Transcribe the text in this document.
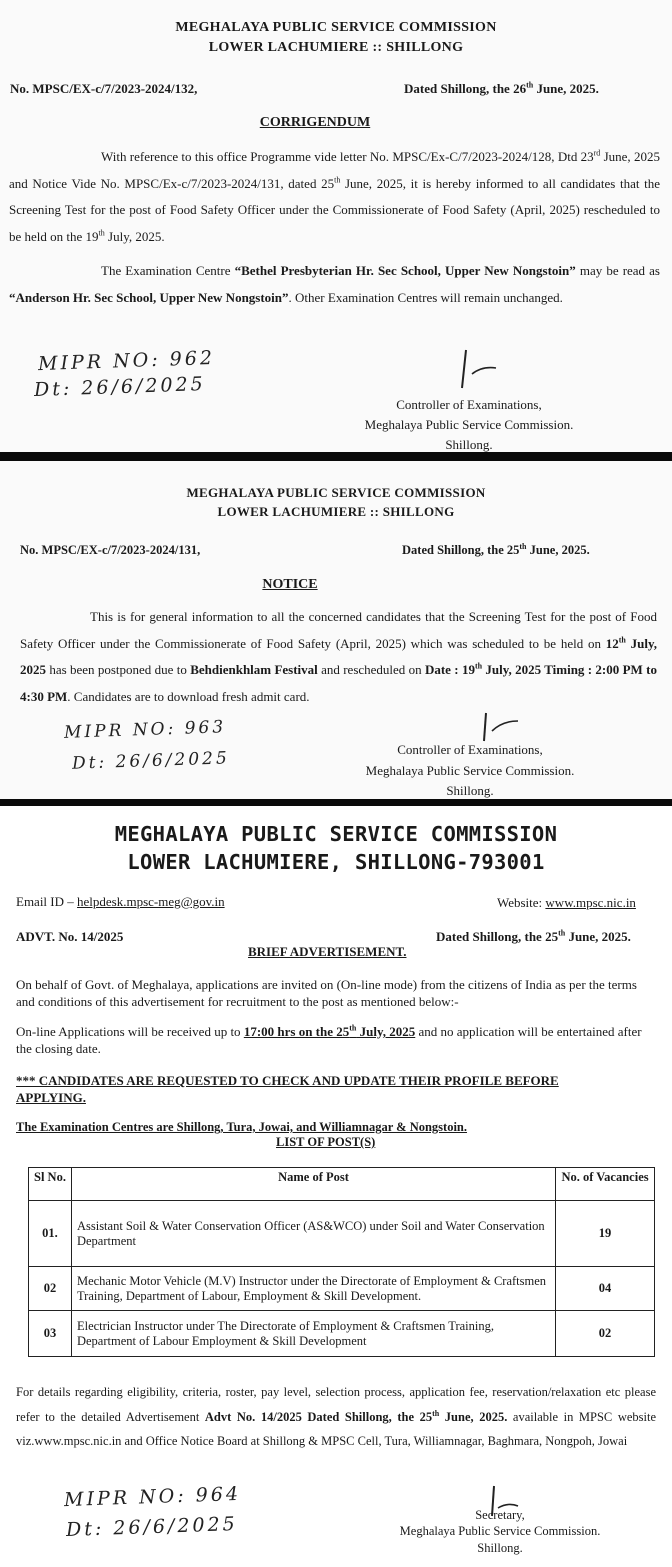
MEGHALAYA PUBLIC SERVICE COMMISSION
LOWER LACHUMIERE :: SHILLONG
No. MPSC/EX-c/7/2023-2024/132,	Dated Shillong, the 26th June, 2025.
CORRIGENDUM
With reference to this office Programme vide letter No. MPSC/Ex-C/7/2023-2024/128, Dtd 23rd June, 2025 and Notice Vide No. MPSC/Ex-c/7/2023-2024/131, dated 25th June, 2025, it is hereby informed to all candidates that the Screening Test for the post of Food Safety Officer under the Commissionerate of Food Safety (April, 2025) rescheduled to be held on the 19th July, 2025.
The Examination Centre “Bethel Presbyterian Hr. Sec School, Upper New Nongstoin” may be read as “Anderson Hr. Sec School, Upper New Nongstoin”. Other Examination Centres will remain unchanged.
MIPR NO: 962
Dt: 26/6/2025
Controller of Examinations,
Meghalaya Public Service Commission.
Shillong.
MEGHALAYA PUBLIC SERVICE COMMISSION
LOWER LACHUMIERE :: SHILLONG
No. MPSC/EX-c/7/2023-2024/131,	Dated Shillong, the 25th June, 2025.
NOTICE
This is for general information to all the concerned candidates that the Screening Test for the post of Food Safety Officer under the Commissionerate of Food Safety (April, 2025) which was scheduled to be held on 12th July, 2025 has been postponed due to Behdienkhlam Festival and rescheduled on Date : 19th July, 2025 Timing : 2:00 PM to 4:30 PM. Candidates are to download fresh admit card.
MIPR NO: 963
Dt: 26/6/2025	Controller of Examinations,
Meghalaya Public Service Commission.
Shillong.
MEGHALAYA PUBLIC SERVICE COMMISSION
LOWER LACHUMIERE, SHILLONG-793001
Email ID – helpdesk.mpsc-meg@gov.in	Website: www.mpsc.nic.in
ADVT. No. 14/2025	Dated Shillong, the 25th June, 2025.
BRIEF ADVERTISEMENT.
On behalf of Govt. of Meghalaya, applications are invited on (On-line mode) from the citizens of India as per the terms and conditions of this advertisement for recruitment to the post as mentioned below:-
On-line Applications will be received up to 17:00 hrs on the 25th July, 2025 and no application will be entertained after the closing date.
*** CANDIDATES ARE REQUESTED TO CHECK AND UPDATE THEIR PROFILE BEFORE APPLYING.
The Examination Centres are Shillong, Tura, Jowai, and Williamnagar & Nongstoin.
LIST OF POST(S)
Sl No.	Name of Post	No. of Vacancies
01.	Assistant Soil & Water Conservation Officer (AS&WCO) under Soil and Water Conservation Department	19
02	Mechanic Motor Vehicle (M.V) Instructor under the Directorate of Employment & Craftsmen Training, Department of Labour, Employment & Skill Development.	04
03	Electrician Instructor under The Directorate of Employment & Craftsmen Training, Department of Labour Employment & Skill Development	02
For details regarding eligibility, criteria, roster, pay level, selection process, application fee, reservation/relaxation etc please refer to the detailed Advertisement Advt No. 14/2025 Dated Shillong, the 25th June, 2025. available in MPSC website viz.www.mpsc.nic.in and Office Notice Board at Shillong & MPSC Cell, Tura, Williamnagar, Baghmara, Nongpoh, Jowai
MIPR NO: 964
Dt: 26/6/2025	Secretary,
Meghalaya Public Service Commission.
Shillong.
